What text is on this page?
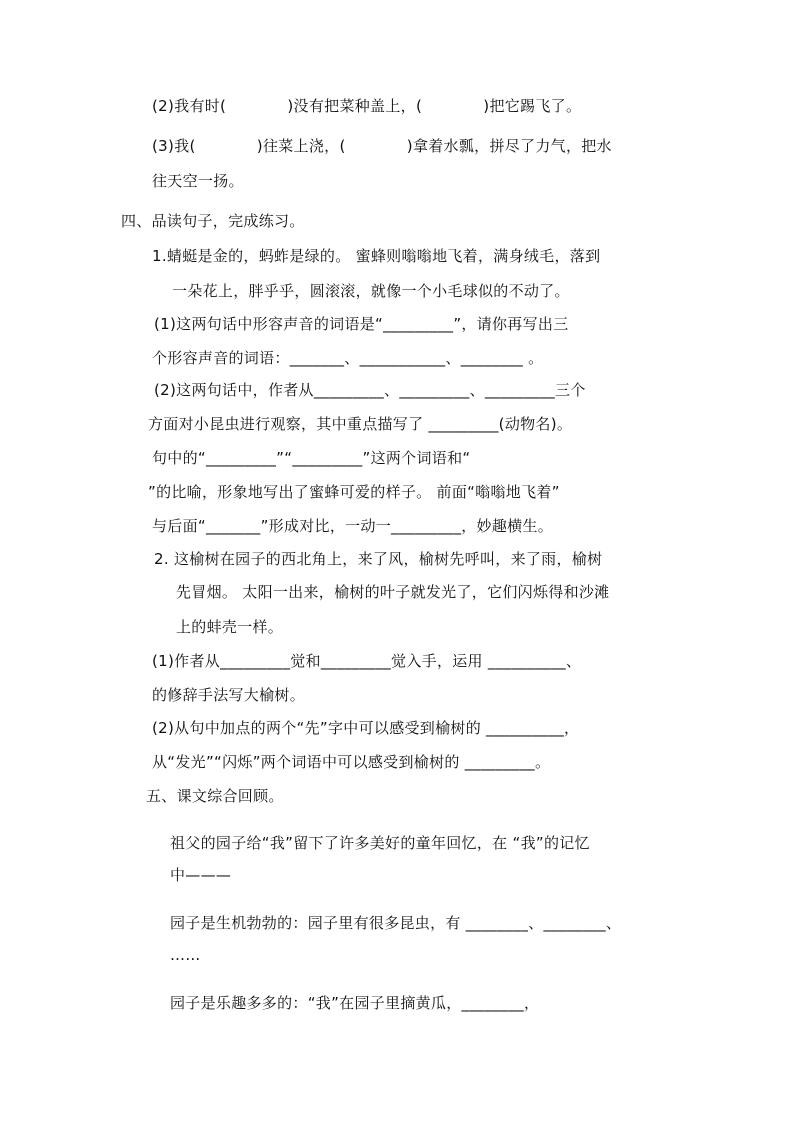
(2)我有时(　　　　)没有把菜种盖上，(　　　　)把它踢飞了。
(3)我(　　　　)往菜上浇，(　　　　)拿着水瓢，拼尽了力气，把水
往天空一扬。
四、品读句子，完成练习。
1.蜻蜓是金的，蚂蚱是绿的。 蜜蜂则嗡嗡地飞着，满身绒毛，落到
一朵花上，胖乎乎，圆滚滚，就像一个小毛球似的不动了。
(1)这两句话中形容声音的词语是“_________”，请你再写出三
个形容声音的词语：_______、___________、________ 。
(2)这两句话中，作者从_________、_________、_________三个
方面对小昆虫进行观察，其中重点描写了 _________(动物名)。
句中的“_________”“_________”这两个词语和“
”的比喻，形象地写出了蜜蜂可爱的样子。 前面“嗡嗡地飞着”
与后面“_______”形成对比，一动一_________，妙趣横生。
2. 这榆树在园子的西北角上，来了风，榆树先呼叫，来了雨，榆树
先冒烟。 太阳一出来，榆树的叶子就发光了，它们闪烁得和沙滩
上的蚌壳一样。
(1)作者从_________觉和_________觉入手，运用 __________、
的修辞手法写大榆树。
(2)从句中加点的两个“先”字中可以感受到榆树的 __________，
从“发光”“闪烁”两个词语中可以感受到榆树的 _________。
五、课文综合回顾。
祖父的园子给“我”留下了许多美好的童年回忆，在 “我”的记忆
中———
园子是生机勃勃的：园子里有很多昆虫，有 ________、________、
……
园子是乐趣多多的：“我”在园子里摘黄瓜，________，
